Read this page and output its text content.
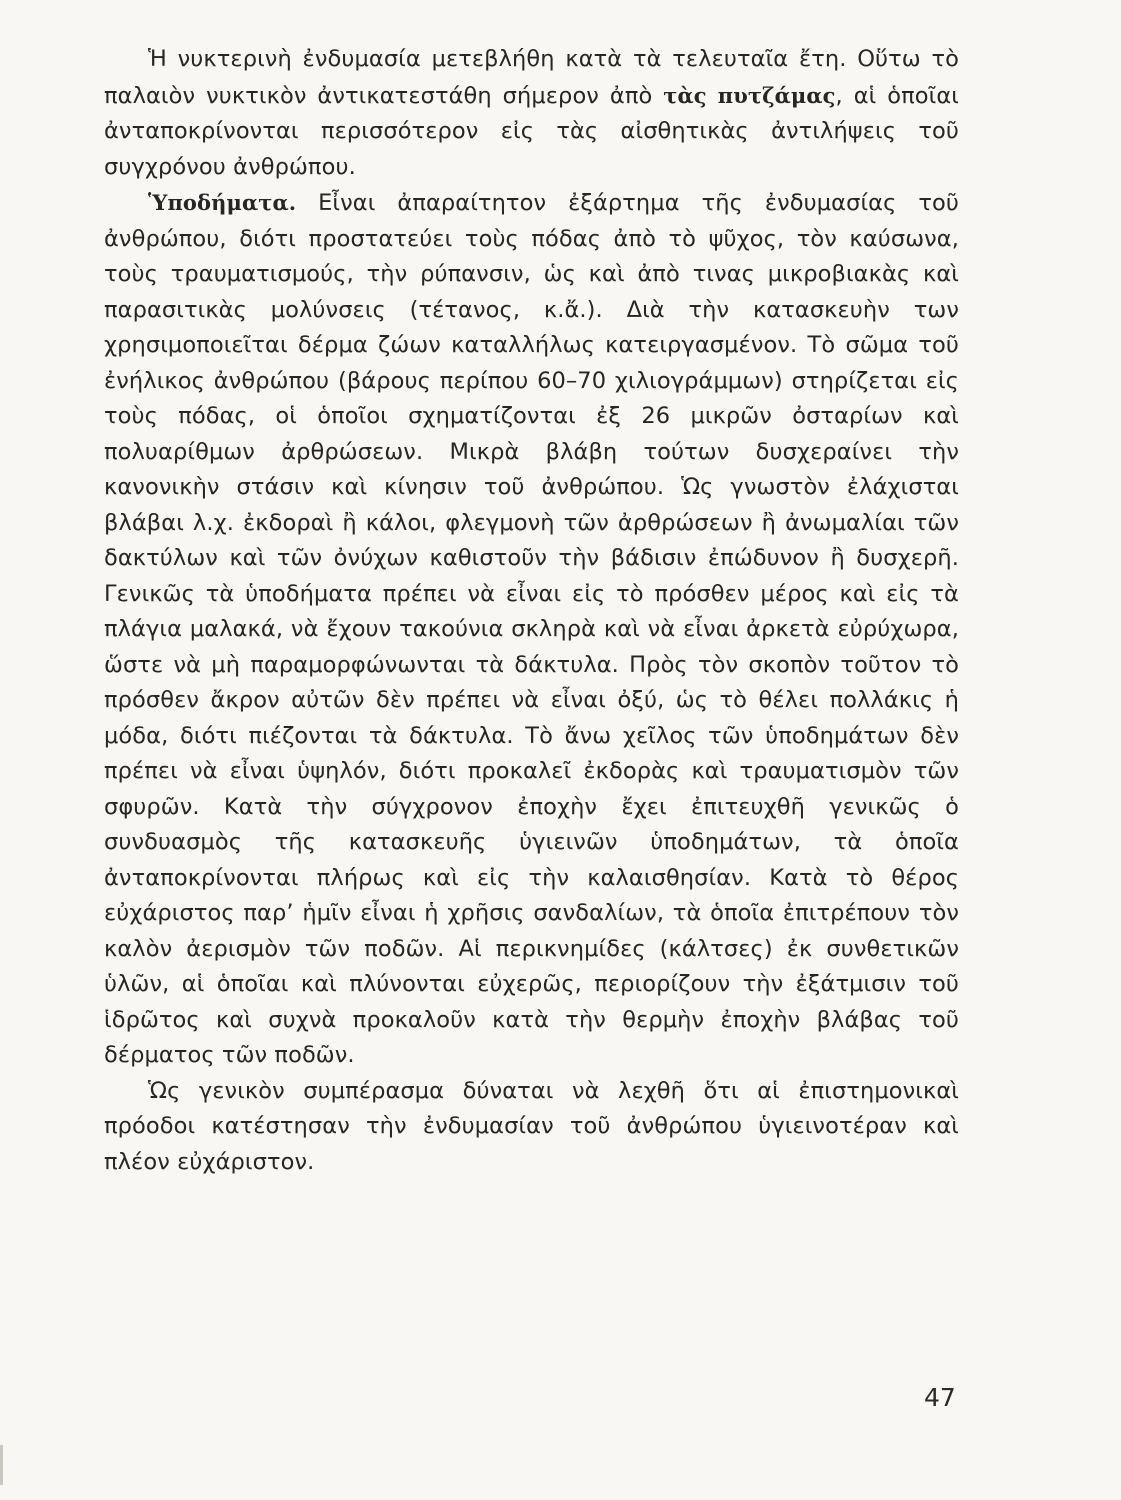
Ἡ νυκτερινὴ ἐνδυμασία μετεβλήθη κατὰ τὰ τελευταῖα ἔτη. Οὕτω τὸ παλαιὸν νυκτικὸν ἀντικατεστάθη σήμερον ἀπὸ τὰς πυτζάμας, αἱ ὁποῖαι ἀνταποκρίνονται περισσότερον εἰς τὰς αἰσθητικὰς ἀντιλήψεις τοῦ συγχρόνου ἀνθρώπου.

Ὑποδήματα. Εἶναι ἀπαραίτητον ἐξάρτημα τῆς ἐνδυμασίας τοῦ ἀνθρώπου, διότι προστατεύει τοὺς πόδας ἀπὸ τὸ ψῦχος, τὸν καύσωνα, τοὺς τραυματισμούς, τὴν ρύπανσιν, ὡς καὶ ἀπὸ τινας μικροβιακὰς καὶ παρασιτικὰς μολύνσεις (τέτανος, κ.ἄ.). Διὰ τὴν κατασκευὴν των χρησιμοποιεῖται δέρμα ζώων καταλλήλως κατειργασμένον. Τὸ σῶμα τοῦ ἐνήλικος ἀνθρώπου (βάρους περίπου 60–70 χιλιογράμμων) στηρίζεται εἰς τοὺς πόδας, οἱ ὁποῖοι σχηματίζονται ἐξ 26 μικρῶν ὀσταρίων καὶ πολυαρίθμων ἀρθρώσεων. Μικρὰ βλάβη τούτων δυσχεραίνει τὴν κανονικὴν στάσιν καὶ κίνησιν τοῦ ἀνθρώπου. Ὡς γνωστὸν ἐλάχισται βλάβαι λ.χ. ἐκδοραὶ ἢ κάλοι, φλεγμονὴ τῶν ἀρθρώσεων ἢ ἀνωμαλίαι τῶν δακτύλων καὶ τῶν ὀνύχων καθιστοῦν τὴν βάδισιν ἐπώδυνον ἢ δυσχερῆ. Γενικῶς τὰ ὑποδήματα πρέπει νὰ εἶναι εἰς τὸ πρόσθεν μέρος καὶ εἰς τὰ πλάγια μαλακά, νὰ ἔχουν τακούνια σκληρὰ καὶ νὰ εἶναι ἀρκετὰ εὐρύχωρα, ὥστε νὰ μὴ παραμορφώνωνται τὰ δάκτυλα. Πρὸς τὸν σκοπὸν τοῦτον τὸ πρόσθεν ἄκρον αὐτῶν δὲν πρέπει νὰ εἶναι ὀξύ, ὡς τὸ θέλει πολλάκις ἡ μόδα, διότι πιέζονται τὰ δάκτυλα. Τὸ ἄνω χεῖλος τῶν ὑποδημάτων δὲν πρέπει νὰ εἶναι ὑψηλόν, διότι προκαλεῖ ἐκδορὰς καὶ τραυματισμὸν τῶν σφυρῶν. Κατὰ τὴν σύγχρονον ἐποχὴν ἔχει ἐπιτευχθῆ γενικῶς ὁ συνδυασμὸς τῆς κατασκευῆς ὑγιεινῶν ὑποδημάτων, τὰ ὁποῖα ἀνταποκρίνονται πλήρως καὶ εἰς τὴν καλαισθησίαν. Κατὰ τὸ θέρος εὐχάριστος παρ’ ἡμῖν εἶναι ἡ χρῆσις σανδαλίων, τὰ ὁποῖα ἐπιτρέπουν τὸν καλὸν ἀερισμὸν τῶν ποδῶν. Αἱ περικνημίδες (κάλτσες) ἐκ συνθετικῶν ὑλῶν, αἱ ὁποῖαι καὶ πλύνονται εὐχερῶς, περιορίζουν τὴν ἐξάτμισιν τοῦ ἱδρῶτος καὶ συχνὰ προκαλοῦν κατὰ τὴν θερμὴν ἐποχὴν βλάβας τοῦ δέρματος τῶν ποδῶν.

Ὡς γενικὸν συμπέρασμα δύναται νὰ λεχθῆ ὅτι αἱ ἐπιστημονικαὶ πρόοδοι κατέστησαν τὴν ἐνδυμασίαν τοῦ ἀνθρώπου ὑγιεινοτέραν καὶ πλέον εὐχάριστον.

47
